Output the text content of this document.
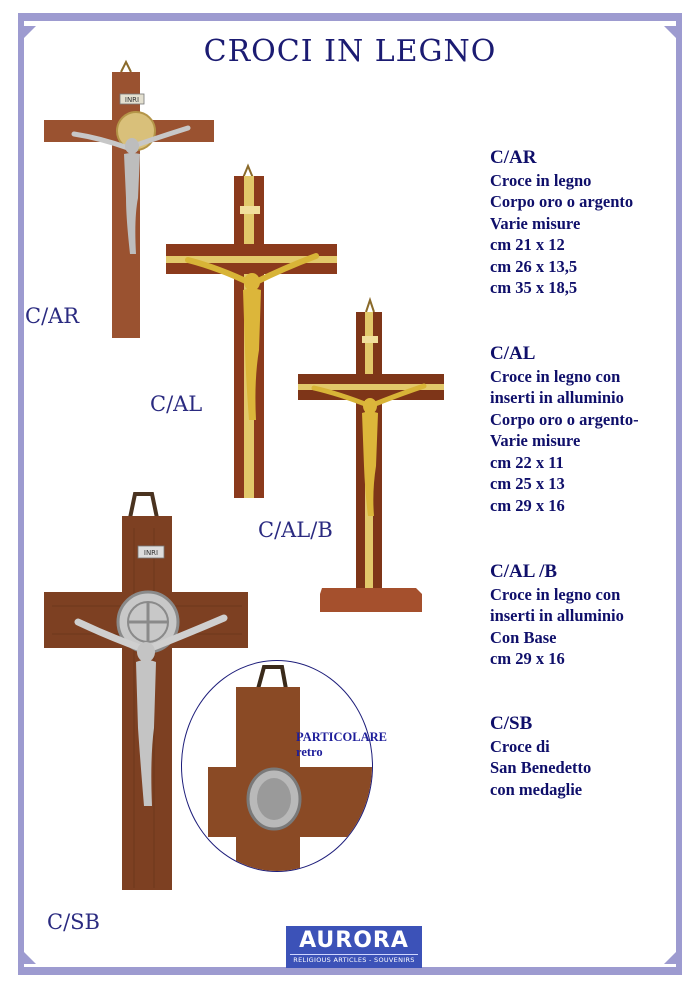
CROCI IN LEGNO
INRI
C/AR
C/AL
C/AL/B
INRI
C/SB
PARTICOLARE
retro
C/AR
Croce in legno
Corpo oro o argento
Varie misure
cm 21 x 12
cm 26 x 13,5
cm 35 x 18,5
C/AL
Croce in legno con
inserti in alluminio
Corpo oro o argento-
Varie misure
cm 22 x 11
cm 25 x 13
cm 29 x 16
C/AL /B
Croce in legno con
inserti in alluminio
Con Base
cm 29 x 16
C/SB
Croce di
San Benedetto
con medaglie
AURORA
RELIGIOUS ARTICLES - SOUVENIRS
